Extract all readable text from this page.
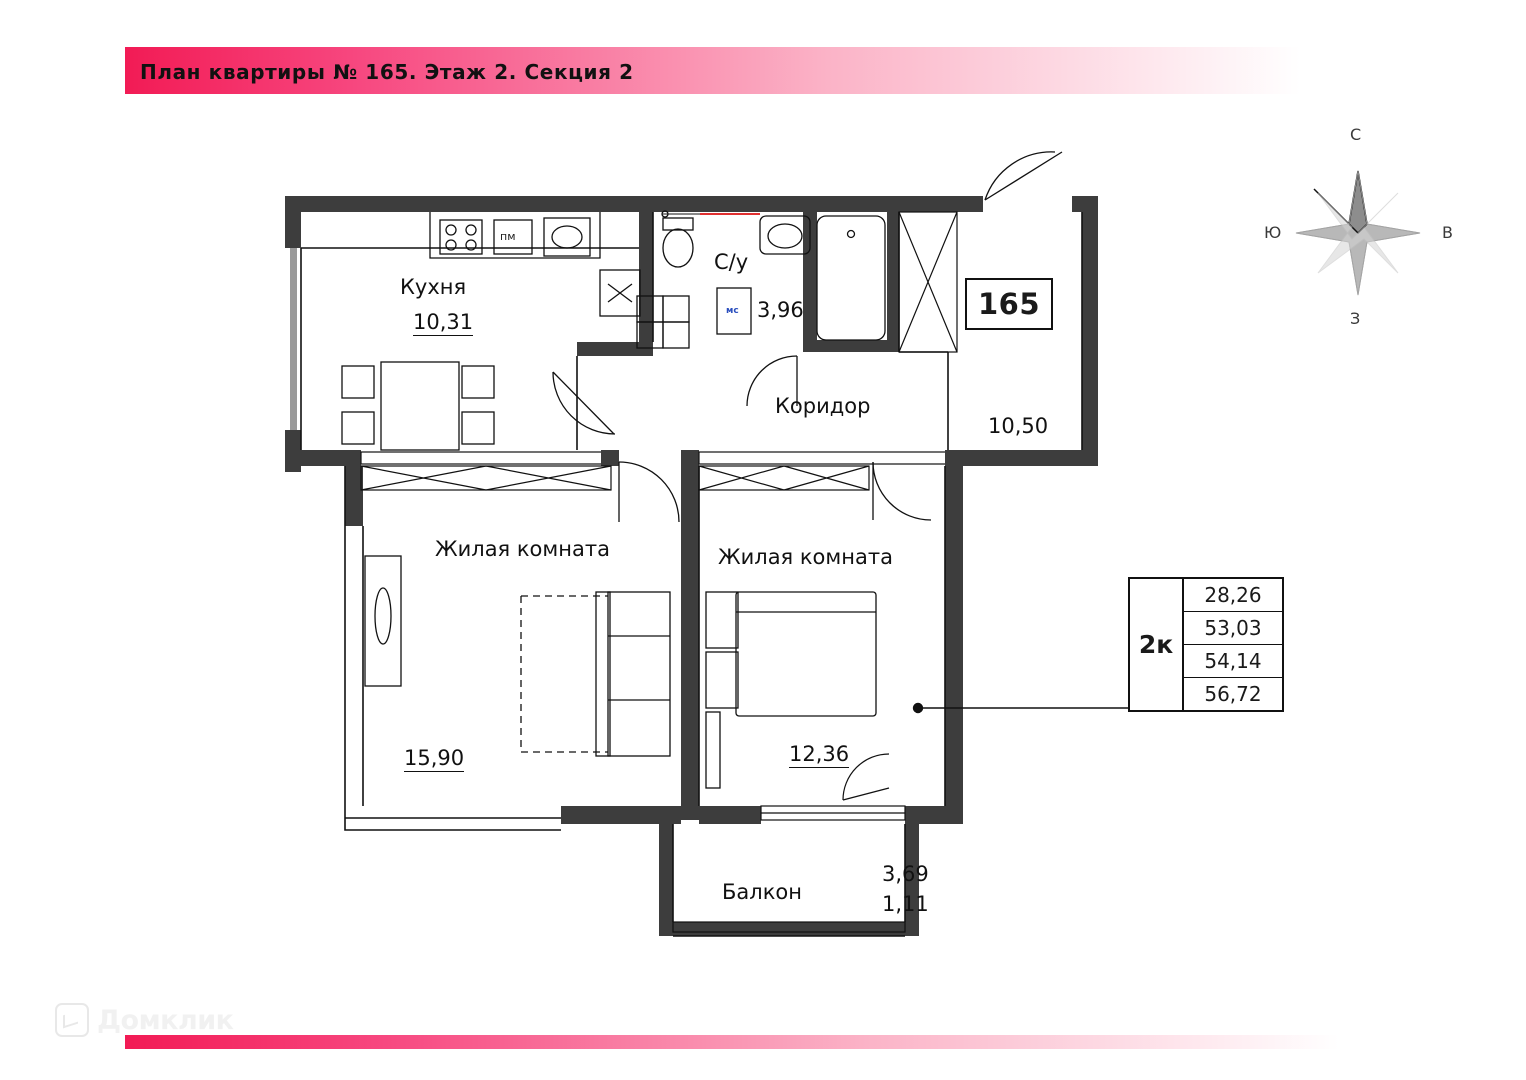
План квартиры № 165. Этаж 2. Секция 2
Кухня
10,31
С/у
3,96
Коридор
10,50
Жилая комната
15,90
Жилая комната
12,36
Балкон
3,69
1,11
пм
мс	165
2к
28,26
53,03
54,14
56,72
С
В
З
Ю
Домклик
